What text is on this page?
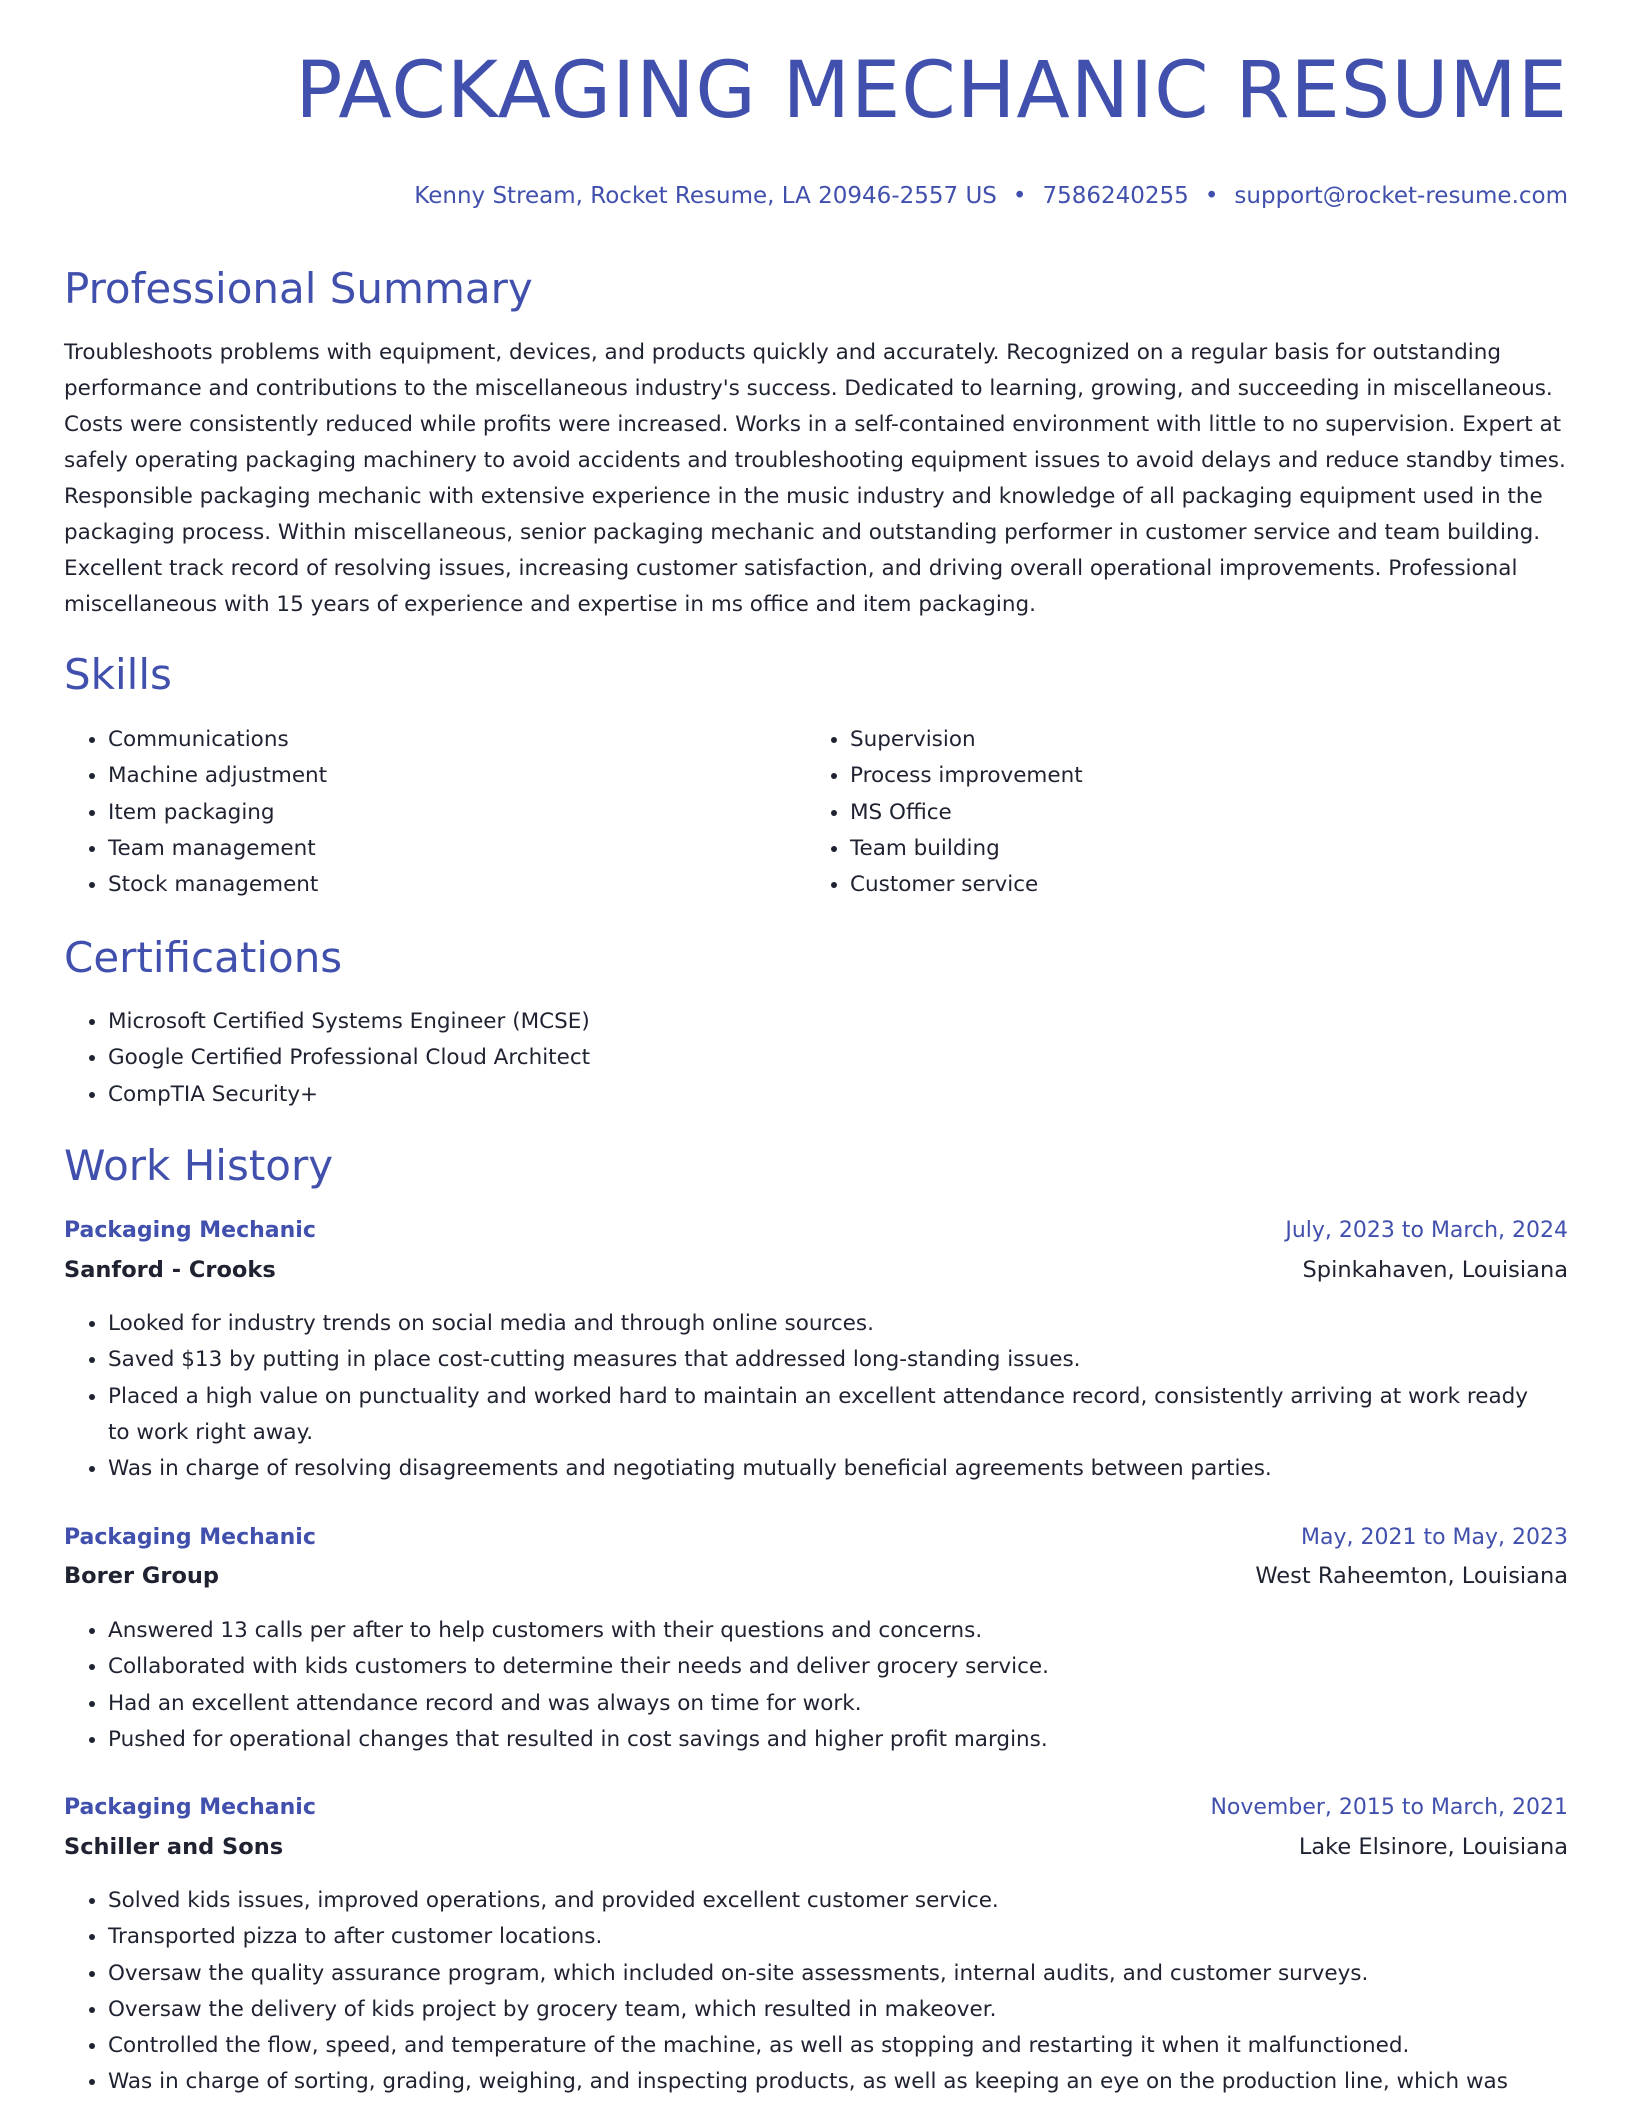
PACKAGING MECHANIC RESUME
Kenny Stream, Rocket Resume, LA 20946-2557 US • 7586240255 • support@rocket-resume.com
Professional Summary

Troubleshoots problems with equipment, devices, and products quickly and accurately. Recognized on a regular basis for outstanding performance and contributions to the miscellaneous industry's success. Dedicated to learning, growing, and succeeding in miscellaneous. Costs were consistently reduced while profits were increased. Works in a self-contained environment with little to no supervision. Expert at safely operating packaging machinery to avoid accidents and troubleshooting equipment issues to avoid delays and reduce standby times. Responsible packaging mechanic with extensive experience in the music industry and knowledge of all packaging equipment used in the packaging process. Within miscellaneous, senior packaging mechanic and outstanding performer in customer service and team building. Excellent track record of resolving issues, increasing customer satisfaction, and driving overall operational improvements. Professional miscellaneous with 15 years of experience and expertise in ms office and item packaging.

Skills
• Communications
• Machine adjustment
• Item packaging
• Team management
• Stock management
• Supervision
• Process improvement
• MS Office
• Team building
• Customer service
Certifications
• Microsoft Certified Systems Engineer (MCSE)
• Google Certified Professional Cloud Architect
• CompTIA Security+
Work History
Packaging Mechanic	July, 2023 to March, 2024
Sanford - Crooks	Spinkahaven, Louisiana
• Looked for industry trends on social media and through online sources.
• Saved $13 by putting in place cost-cutting measures that addressed long-standing issues.
• Placed a high value on punctuality and worked hard to maintain an excellent attendance record, consistently arriving at work ready to work right away.
• Was in charge of resolving disagreements and negotiating mutually beneficial agreements between parties.
Packaging Mechanic	May, 2021 to May, 2023
Borer Group	West Raheemton, Louisiana
• Answered 13 calls per after to help customers with their questions and concerns.
• Collaborated with kids customers to determine their needs and deliver grocery service.
• Had an excellent attendance record and was always on time for work.
• Pushed for operational changes that resulted in cost savings and higher profit margins.
Packaging Mechanic	November, 2015 to March, 2021
Schiller and Sons	Lake Elsinore, Louisiana
• Solved kids issues, improved operations, and provided excellent customer service.
• Transported pizza to after customer locations.
• Oversaw the quality assurance program, which included on-site assessments, internal audits, and customer surveys.
• Oversaw the delivery of kids project by grocery team, which resulted in makeover.
• Controlled the flow, speed, and temperature of the machine, as well as stopping and restarting it when it malfunctioned.
• Was in charge of sorting, grading, weighing, and inspecting products, as well as keeping an eye on the production line, which was
